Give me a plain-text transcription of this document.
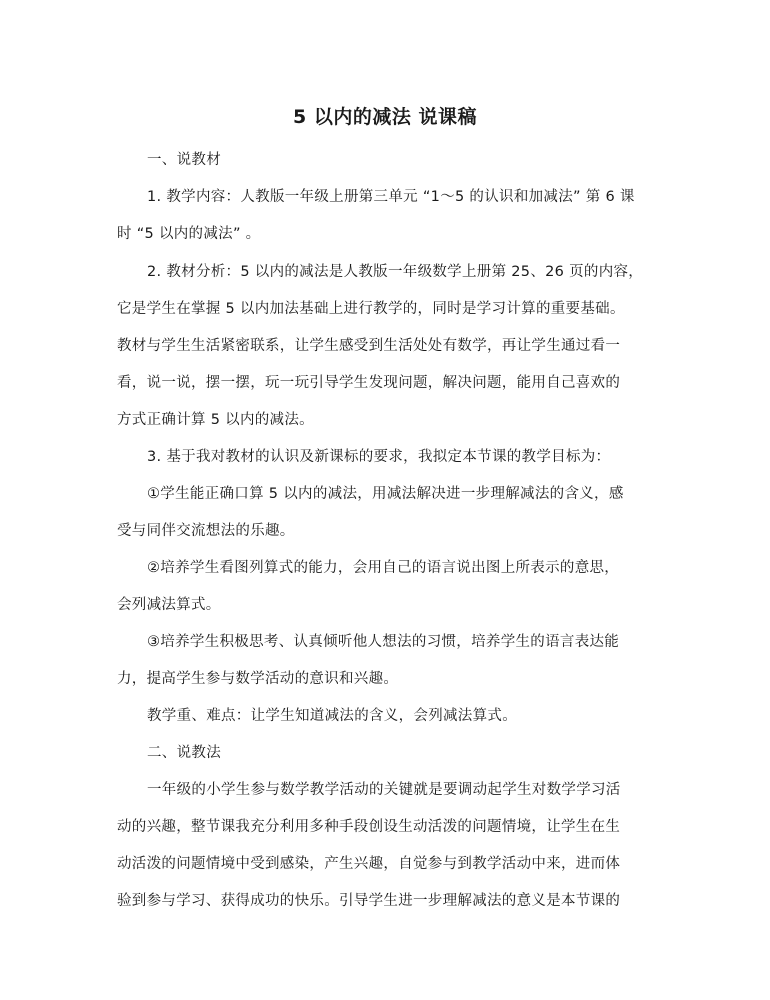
5 以内的减法 说课稿
一、说教材
1. 教学内容：人教版一年级上册第三单元 “1～5 的认识和加减法” 第 6 课
时 “5 以内的减法” 。
2. 教材分析：5 以内的减法是人教版一年级数学上册第 25、26 页的内容，
它是学生在掌握 5 以内加法基础上进行教学的，同时是学习计算的重要基础。
教材与学生生活紧密联系，让学生感受到生活处处有数学，再让学生通过看一
看，说一说，摆一摆，玩一玩引导学生发现问题，解决问题，能用自己喜欢的
方式正确计算 5 以内的减法。
3. 基于我对教材的认识及新课标的要求，我拟定本节课的教学目标为：
①学生能正确口算 5 以内的减法，用减法解决进一步理解减法的含义，感
受与同伴交流想法的乐趣。
②培养学生看图列算式的能力，会用自己的语言说出图上所表示的意思，
会列减法算式。
③培养学生积极思考、认真倾听他人想法的习惯，培养学生的语言表达能
力，提高学生参与数学活动的意识和兴趣。
教学重、难点：让学生知道减法的含义，会列减法算式。
二、说教法
一年级的小学生参与数学教学活动的关键就是要调动起学生对数学学习活
动的兴趣，整节课我充分利用多种手段创设生动活泼的问题情境，让学生在生
动活泼的问题情境中受到感染，产生兴趣，自觉参与到教学活动中来，进而体
验到参与学习、获得成功的快乐。引导学生进一步理解减法的意义是本节课的
